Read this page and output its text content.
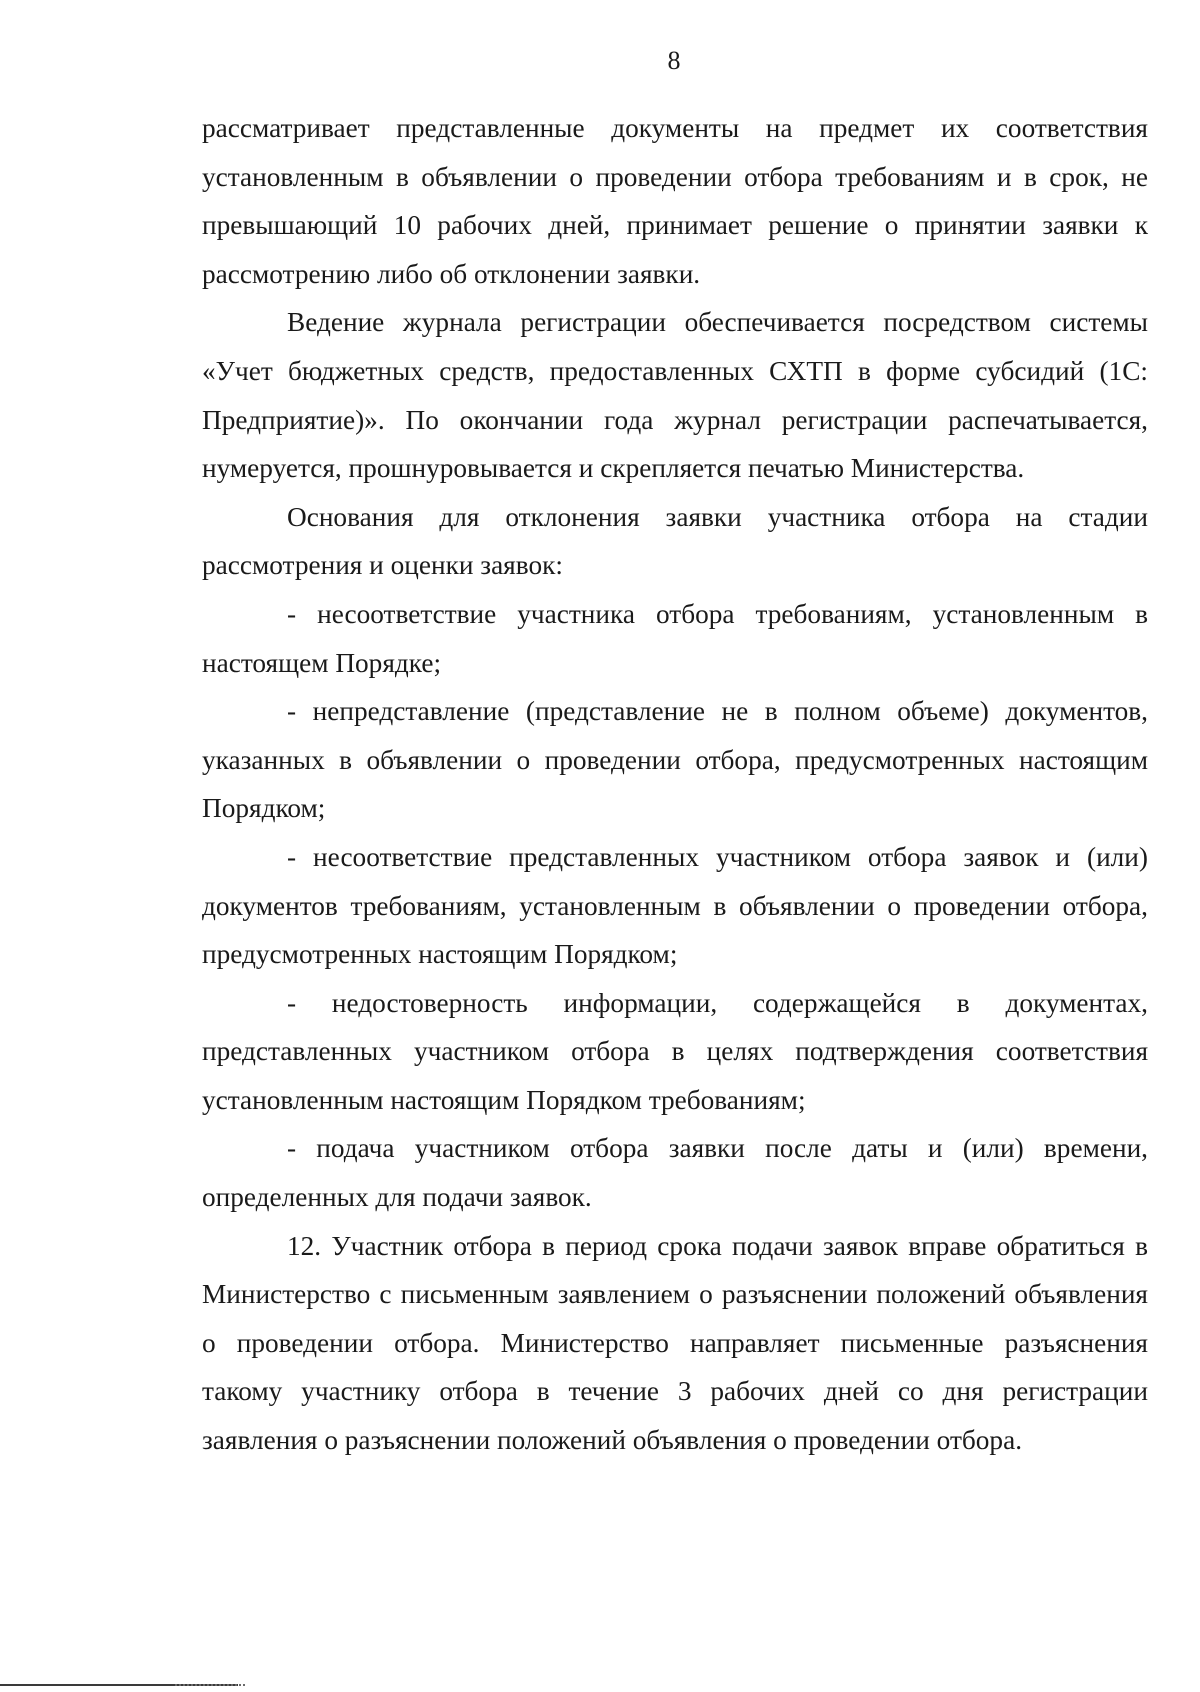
8

рассматривает представленные документы на предмет их соответствия установленным в объявлении о проведении отбора требованиям и в срок, не превышающий 10 рабочих дней, принимает решение о принятии заявки к рассмотрению либо об отклонении заявки.

Ведение журнала регистрации обеспечивается посредством системы «Учет бюджетных средств, предоставленных СХТП в форме субсидий (1С: Предприятие)». По окончании года журнал регистрации распечатывается, нумеруется, прошнуровывается и скрепляется печатью Министерства.

Основания для отклонения заявки участника отбора на стадии рассмотрения и оценки заявок:

- несоответствие участника отбора требованиям, установленным в настоящем Порядке;

- непредставление (представление не в полном объеме) документов, указанных в объявлении о проведении отбора, предусмотренных настоящим Порядком;

- несоответствие представленных участником отбора заявок и (или) документов требованиям, установленным в объявлении о проведении отбора, предусмотренных настоящим Порядком;

- недостоверность информации, содержащейся в документах, представленных участником отбора в целях подтверждения соответствия установленным настоящим Порядком требованиям;

- подача участником отбора заявки после даты и (или) времени, определенных для подачи заявок.

12. Участник отбора в период срока подачи заявок вправе обратиться в Министерство с письменным заявлением о разъяснении положений объявления о проведении отбора. Министерство направляет письменные разъяснения такому участнику отбора в течение 3 рабочих дней со дня регистрации заявления о разъяснении положений объявления о проведении отбора.
